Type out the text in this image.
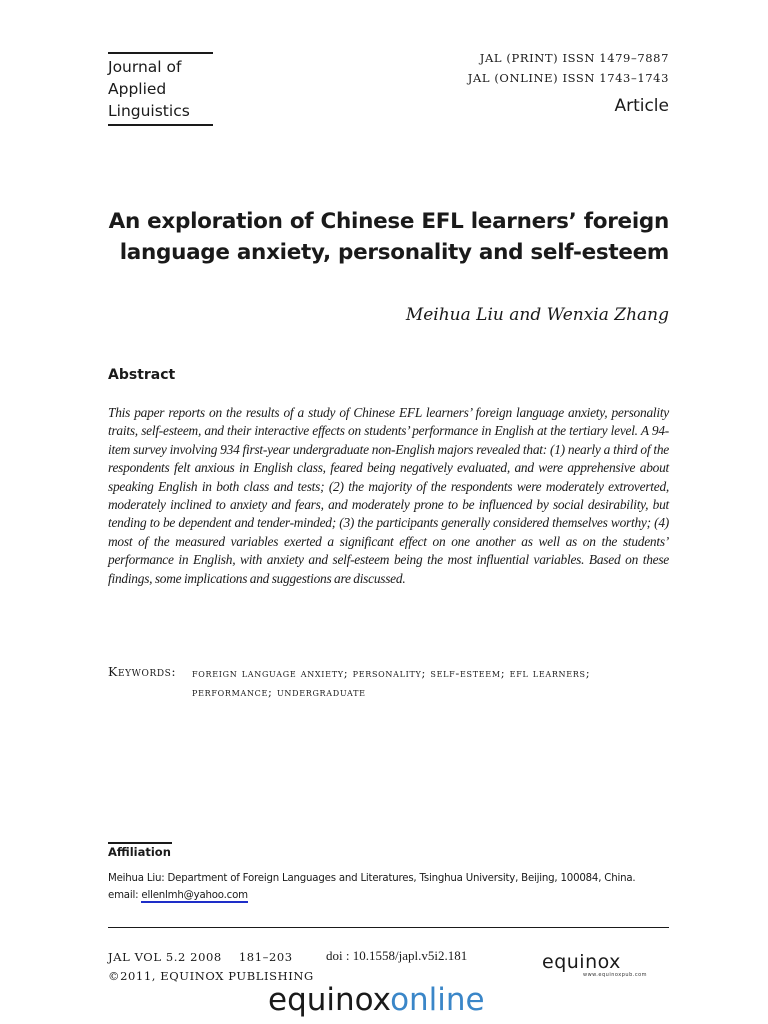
Journal of
Applied
Linguistics
JAL (PRINT) ISSN 1479–7887
JAL (ONLINE) ISSN 1743–1743
Article
An exploration of Chinese EFL learners’ foreign
language anxiety, personality and self-esteem
Meihua Liu and Wenxia Zhang
Abstract

This paper reports on the results of a study of Chinese EFL learners’ foreign language anxiety, personality traits, self-esteem, and their interactive effects on students’ performance in English at the tertiary level. A 94-item survey involving 934 first-year undergraduate non-English majors revealed that: (1) nearly a third of the respondents felt anxious in English class, feared being negatively evaluated, and were apprehensive about speaking English in both class and tests; (2) the majority of the respondents were moderately extroverted, moderately inclined to anxiety and fears, and moderately prone to be influenced by social desirability, but tending to be dependent and tender-minded; (3) the participants generally considered themselves worthy; (4) most of the measured variables exerted a significant effect on one another as well as on the students’ performance in English, with anxiety and self-esteem being the most influential variables. Based on these findings, some implications and suggestions are discussed.

Keywords: foreign language anxiety; personality; self-esteem; efl learners;
performance; undergraduate
Affiliation
Meihua Liu: Department of Foreign Languages and Literatures, Tsinghua University, Beijing, 100084, China.
email: ellenlmh@yahoo.com
JAL VOL 5.2 2008 181–203
©2011, EQUINOX PUBLISHING
doi : 10.1558/japl.v5i2.181	equinox
www.equinoxpub.com
equinoxonline
